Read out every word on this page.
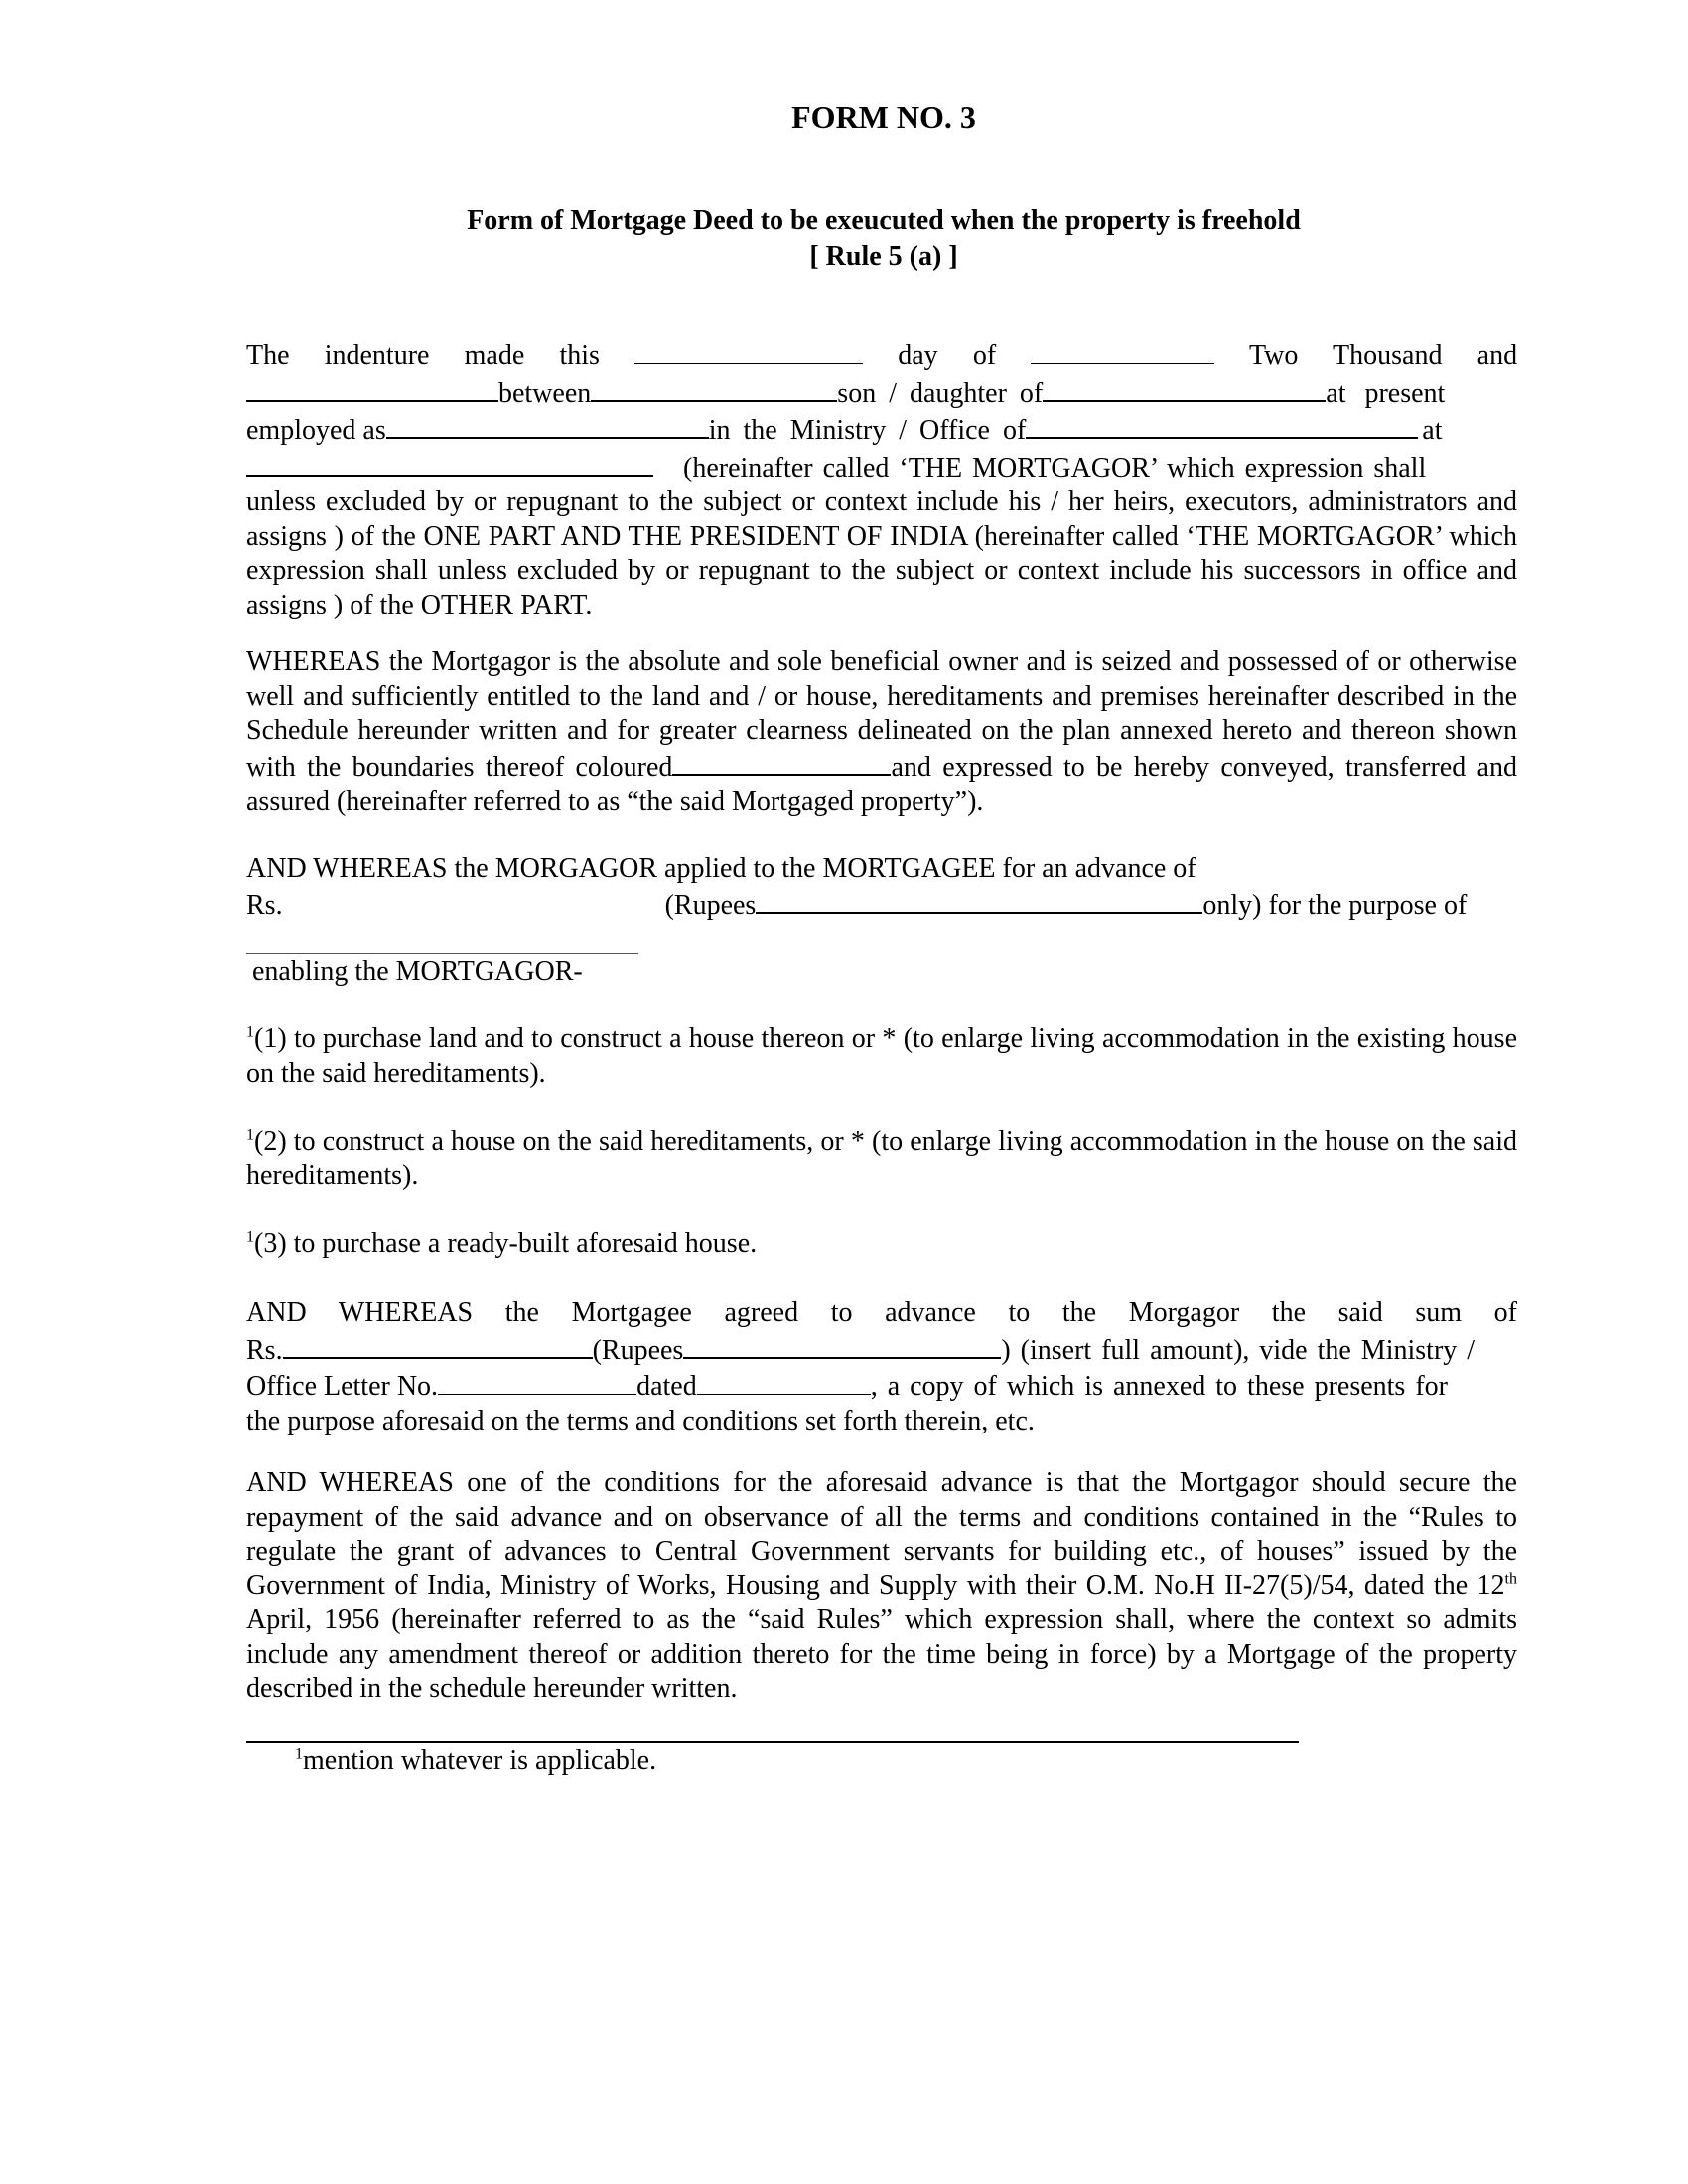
FORM NO. 3
Form of Mortgage Deed to be exeucuted when the property is freehold
[ Rule 5 (a) ]

The indenture made this	day of	Two Thousand and

between	son / daughter of	at present

employed as	in the Ministry / Office of	at

(hereinafter called ‘THE MORTGAGOR’ which expression shall

unless excluded by or repugnant to the subject or context include his / her heirs, executors, administrators and assigns ) of the ONE PART AND THE PRESIDENT OF INDIA (hereinafter called ‘THE MORTGAGOR’ which expression shall unless excluded by or repugnant to the subject or context include his successors in office and assigns ) of the OTHER PART.

WHEREAS the Mortgagor is the absolute and sole beneficial owner and is seized and possessed of or otherwise well and sufficiently entitled to the land and / or house, hereditaments and premises hereinafter described in the Schedule hereunder written and for greater clearness delineated on the plan annexed hereto and thereon shown with the boundaries thereof coloured	and expressed to be hereby conveyed, transferred and assured (hereinafter referred to as “the said Mortgaged property”).

AND WHEREAS the MORGAGOR applied to the MORTGAGEE for an advance of

Rs.	(Rupees	only) for the purpose of

enabling the MORTGAGOR-

$^1$(1) to purchase land and to construct a house thereon or * (to enlarge living accommodation in the existing house on the said hereditaments).

$^1$(2) to construct a house on the said hereditaments, or * (to enlarge living accommodation in the house on the said hereditaments).

$^1$(3) to purchase a ready-built aforesaid house.

AND WHEREAS the Mortgagee agreed to advance to the Morgagor the said sum of

Rs.	(Rupees	) (insert full amount), vide the Ministry /

Office Letter No.	dated	, a copy of which is annexed to these presents for

the purpose aforesaid on the terms and conditions set forth therein, etc.

AND WHEREAS one of the conditions for the aforesaid advance is that the Mortgagor should secure the repayment of the said advance and on observance of all the terms and conditions contained in the “Rules to regulate the grant of advances to Central Government servants for building etc., of houses” issued by the Government of India, Ministry of Works, Housing and Supply with their O.M. No.H II-27(5)/54, dated the 12th April, 1956 (hereinafter referred to as the “said Rules” which expression shall, where the context so admits include any amendment thereof or addition thereto for the time being in force) by a Mortgage of the property described in the schedule hereunder written.

$^1$mention whatever is applicable.
